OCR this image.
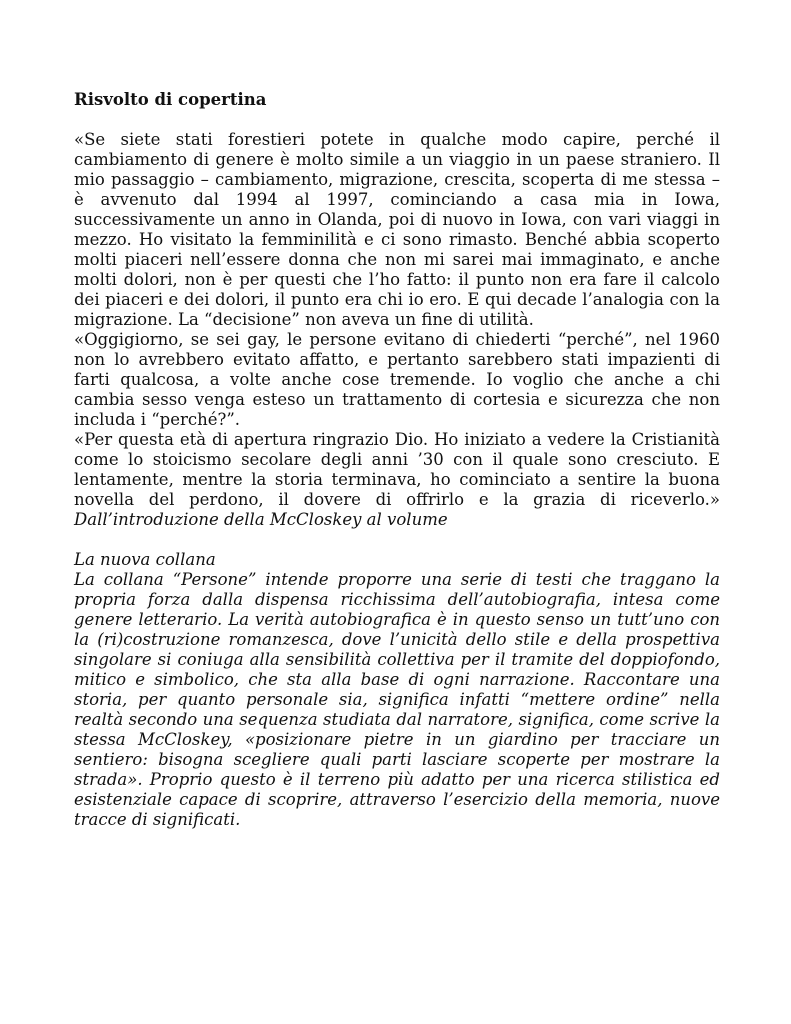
Risvolto di copertina

«Se siete stati forestieri potete in qualche modo capire, perché il cambiamento di genere è molto simile a un viaggio in un paese straniero. Il mio passaggio – cambiamento, migrazione, crescita, scoperta di me stessa – è avvenuto dal 1994 al 1997, cominciando a casa mia in Iowa, successivamente un anno in Olanda, poi di nuovo in Iowa, con vari viaggi in mezzo. Ho visitato la femminilità e ci sono rimasto. Benché abbia scoperto molti piaceri nell’essere donna che non mi sarei mai immaginato, e anche molti dolori, non è per questi che l’ho fatto: il punto non era fare il calcolo dei piaceri e dei dolori, il punto era chi io ero. E qui decade l’analogia con la migrazione. La “decisione” non aveva un fine di utilità.

«Oggigiorno, se sei gay, le persone evitano di chiederti “perché”, nel 1960 non lo avrebbero evitato affatto, e pertanto sarebbero stati impazienti di farti qualcosa, a volte anche cose tremende. Io voglio che anche a chi cambia sesso venga esteso un trattamento di cortesia e sicurezza che non includa i “perché?”.

«Per questa età di apertura ringrazio Dio. Ho iniziato a vedere la Cristianità come lo stoicismo secolare degli anni ’30 con il quale sono cresciuto. E lentamente, mentre la storia terminava, ho cominciato a sentire la buona novella del perdono, il dovere di offrirlo e la grazia di riceverlo.» Dall’introduzione della McCloskey al volume

La nuova collana

La collana “Persone” intende proporre una serie di testi che traggano la propria forza dalla dispensa ricchissima dell’autobiografia, intesa come genere letterario. La verità autobiografica è in questo senso un tutt’uno con la (ri)costruzione romanzesca, dove l’unicità dello stile e della prospettiva singolare si coniuga alla sensibilità collettiva per il tramite del doppiofondo, mitico e simbolico, che sta alla base di ogni narrazione. Raccontare una storia, per quanto personale sia, significa infatti “mettere ordine” nella realtà secondo una sequenza studiata dal narratore, significa, come scrive la stessa McCloskey, «posizionare pietre in un giardino per tracciare un sentiero: bisogna scegliere quali parti lasciare scoperte per mostrare la strada». Proprio questo è il terreno più adatto per una ricerca stilistica ed esistenziale capace di scoprire, attraverso l’esercizio della memoria, nuove tracce di significati.
